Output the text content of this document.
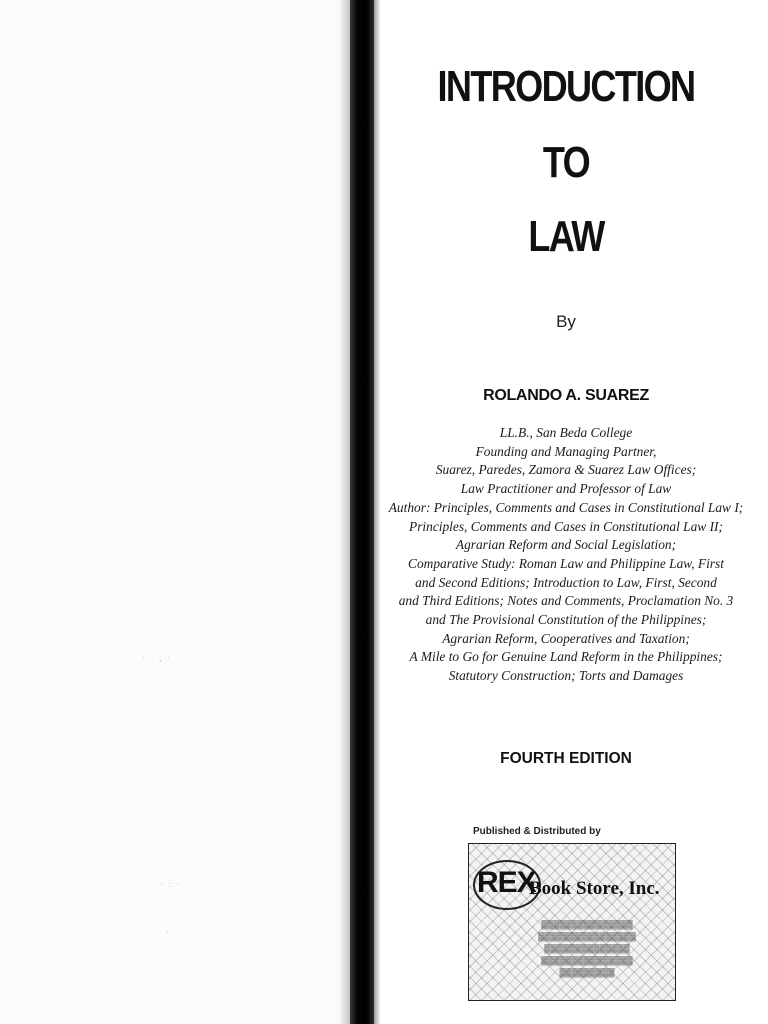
· · , ·
· : ·
· ·
INTRODUCTION
TO
LAW
By
ROLANDO A. SUAREZ

LL.B., San Beda College

Founding and Managing Partner,

Suarez, Paredes, Zamora & Suarez Law Offices;

Law Practitioner and Professor of Law

Author: Principles, Comments and Cases in Constitutional Law I;

Principles, Comments and Cases in Constitutional Law II;

Agrarian Reform and Social Legislation;

Comparative Study: Roman Law and Philippine Law, First

and Second Editions; Introduction to Law, First, Second

and Third Editions; Notes and Comments, Proclamation No. 3

and The Provisional Constitution of the Philippines;

Agrarian Reform, Cooperatives and Taxation;

A Mile to Go for Genuine Land Reform in the Philippines;

Statutory Construction; Torts and Damages

FOURTH EDITION
Published & Distributed by
REX
Book Store, Inc.
▓▓▓▓▓▓▓▓▓▓▓▓▓▓▓
▓▓▓▓▓▓▓▓▓▓▓▓▓▓▓▓
▓▓▓▓▓▓▓▓▓▓▓▓▓▓
▓▓▓▓▓▓▓▓▓▓▓▓▓▓▓
▓▓▓▓▓▓▓▓▓
